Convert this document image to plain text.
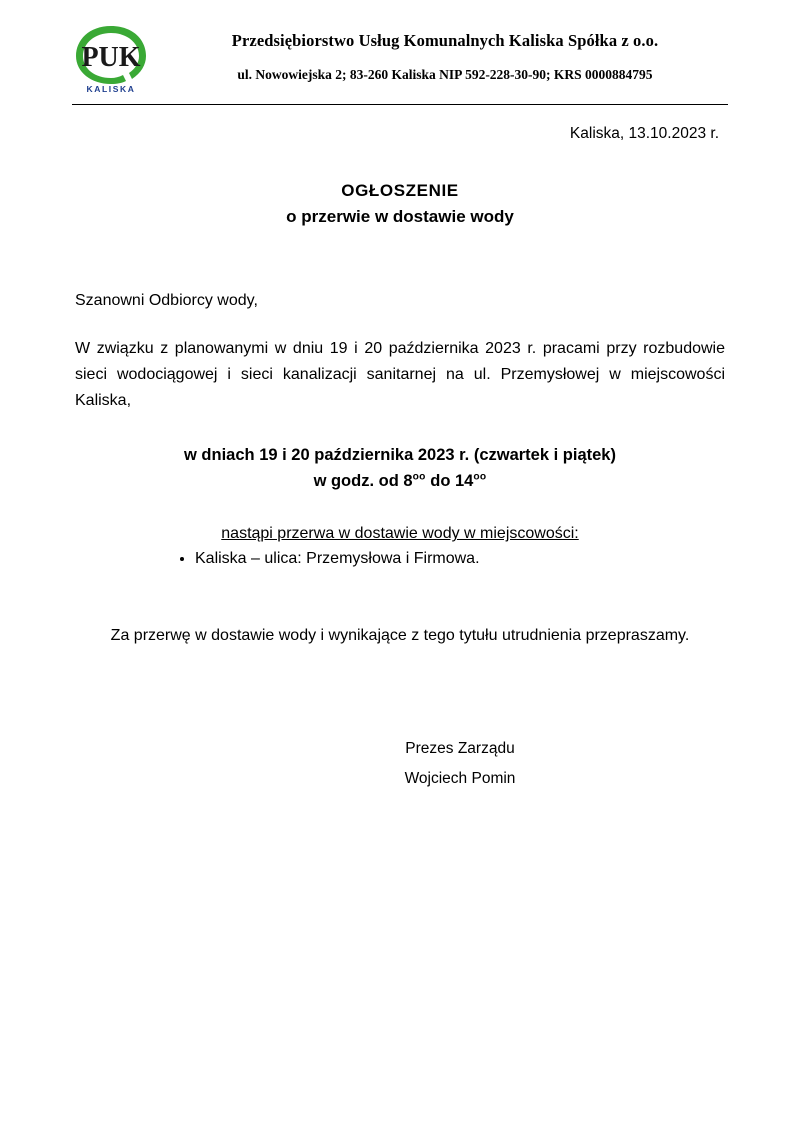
PUK
KALISKA
Przedsiębiorstwo Usług Komunalnych Kaliska Spółka z o.o.
ul. Nowowiejska 2; 83-260 Kaliska NIP 592-228-30-90; KRS 0000884795
Kaliska, 13.10.2023 r.
OGŁOSZENIE
o przerwie w dostawie wody
Szanowni Odbiorcy wody,
W związku z planowanymi w dniu 19 i 20 października 2023 r. pracami przy rozbudowie sieci wodociągowej i sieci kanalizacji sanitarnej na ul. Przemysłowej w miejscowości Kaliska,
w dniach 19 i 20 października 2023 r. (czwartek i piątek)
w godz. od $8^{oo}$ do $14^{oo}$
nastąpi przerwa w dostawie wody w miejscowości:
• Kaliska – ulica: Przemysłowa i Firmowa.
Za przerwę w dostawie wody i wynikające z tego tytułu utrudnienia przepraszamy.
Prezes Zarządu
Wojciech Pomin
